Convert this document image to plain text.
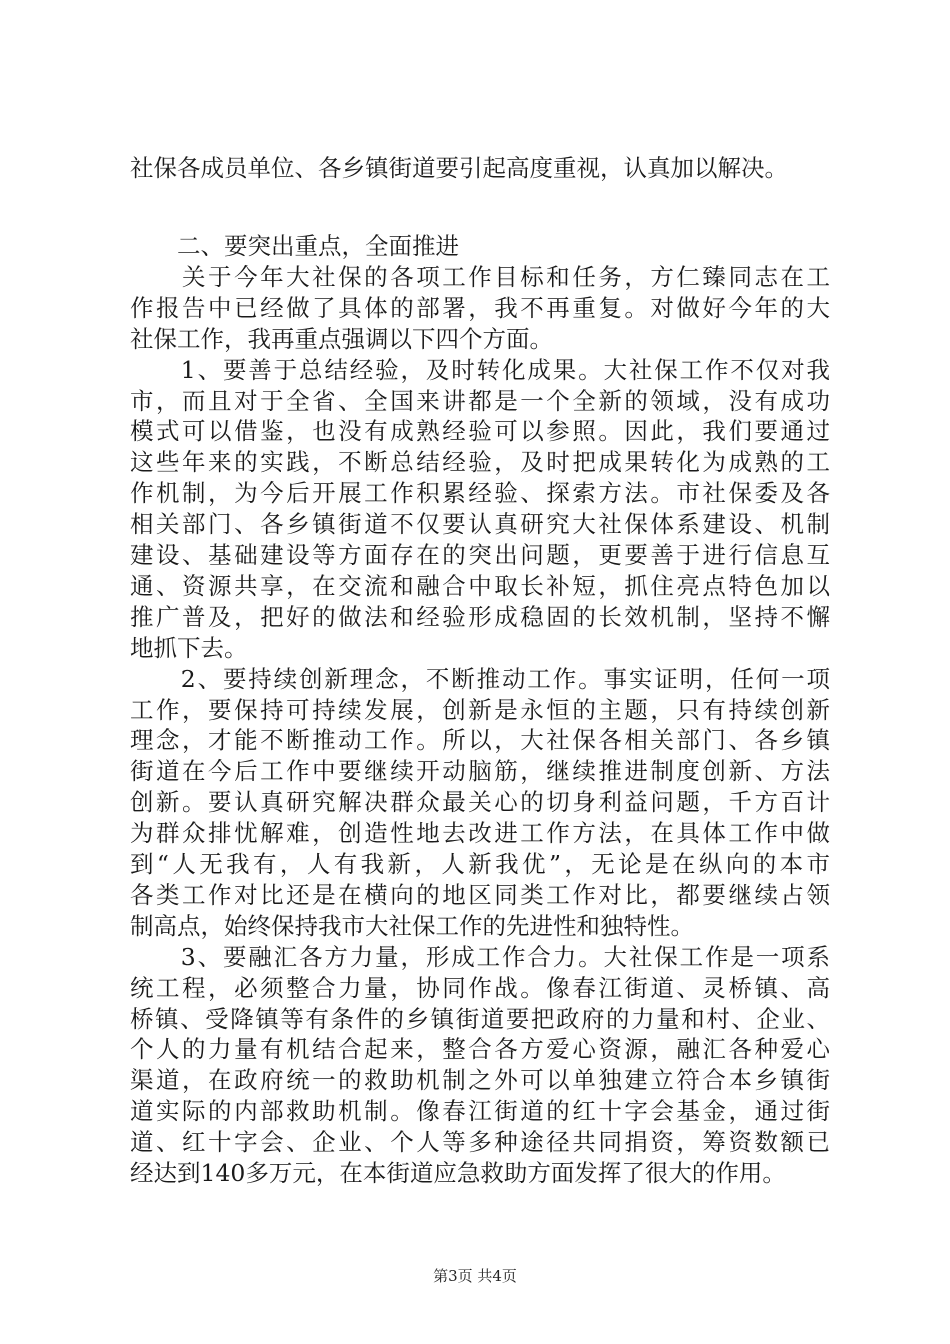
社保各成员单位、各乡镇街道要引起高度重视，认真加以解决。
　　二、要突出重点，全面推进
　　关于今年大社保的各项工作目标和任务，方仁臻同志在工
作报告中已经做了具体的部署，我不再重复。对做好今年的大
社保工作，我再重点强调以下四个方面。
　　1、要善于总结经验，及时转化成果。大社保工作不仅对我
市，而且对于全省、全国来讲都是一个全新的领域，没有成功
模式可以借鉴，也没有成熟经验可以参照。因此，我们要通过
这些年来的实践，不断总结经验，及时把成果转化为成熟的工
作机制，为今后开展工作积累经验、探索方法。市社保委及各
相关部门、各乡镇街道不仅要认真研究大社保体系建设、机制
建设、基础建设等方面存在的突出问题，更要善于进行信息互
通、资源共享，在交流和融合中取长补短，抓住亮点特色加以
推广普及，把好的做法和经验形成稳固的长效机制，坚持不懈
地抓下去。
　　2、要持续创新理念，不断推动工作。事实证明，任何一项
工作，要保持可持续发展，创新是永恒的主题，只有持续创新
理念，才能不断推动工作。所以，大社保各相关部门、各乡镇
街道在今后工作中要继续开动脑筋，继续推进制度创新、方法
创新。要认真研究解决群众最关心的切身利益问题，千方百计
为群众排忧解难，创造性地去改进工作方法，在具体工作中做
到“人无我有，人有我新，人新我优”，无论是在纵向的本市
各类工作对比还是在横向的地区同类工作对比，都要继续占领
制高点，始终保持我市大社保工作的先进性和独特性。
　　3、要融汇各方力量，形成工作合力。大社保工作是一项系
统工程，必须整合力量，协同作战。像春江街道、灵桥镇、高
桥镇、受降镇等有条件的乡镇街道要把政府的力量和村、企业、
个人的力量有机结合起来，整合各方爱心资源，融汇各种爱心
渠道，在政府统一的救助机制之外可以单独建立符合本乡镇街
道实际的内部救助机制。像春江街道的红十字会基金，通过街
道、红十字会、企业、个人等多种途径共同捐资，筹资数额已
经达到140多万元，在本街道应急救助方面发挥了很大的作用。
第3页 共4页
